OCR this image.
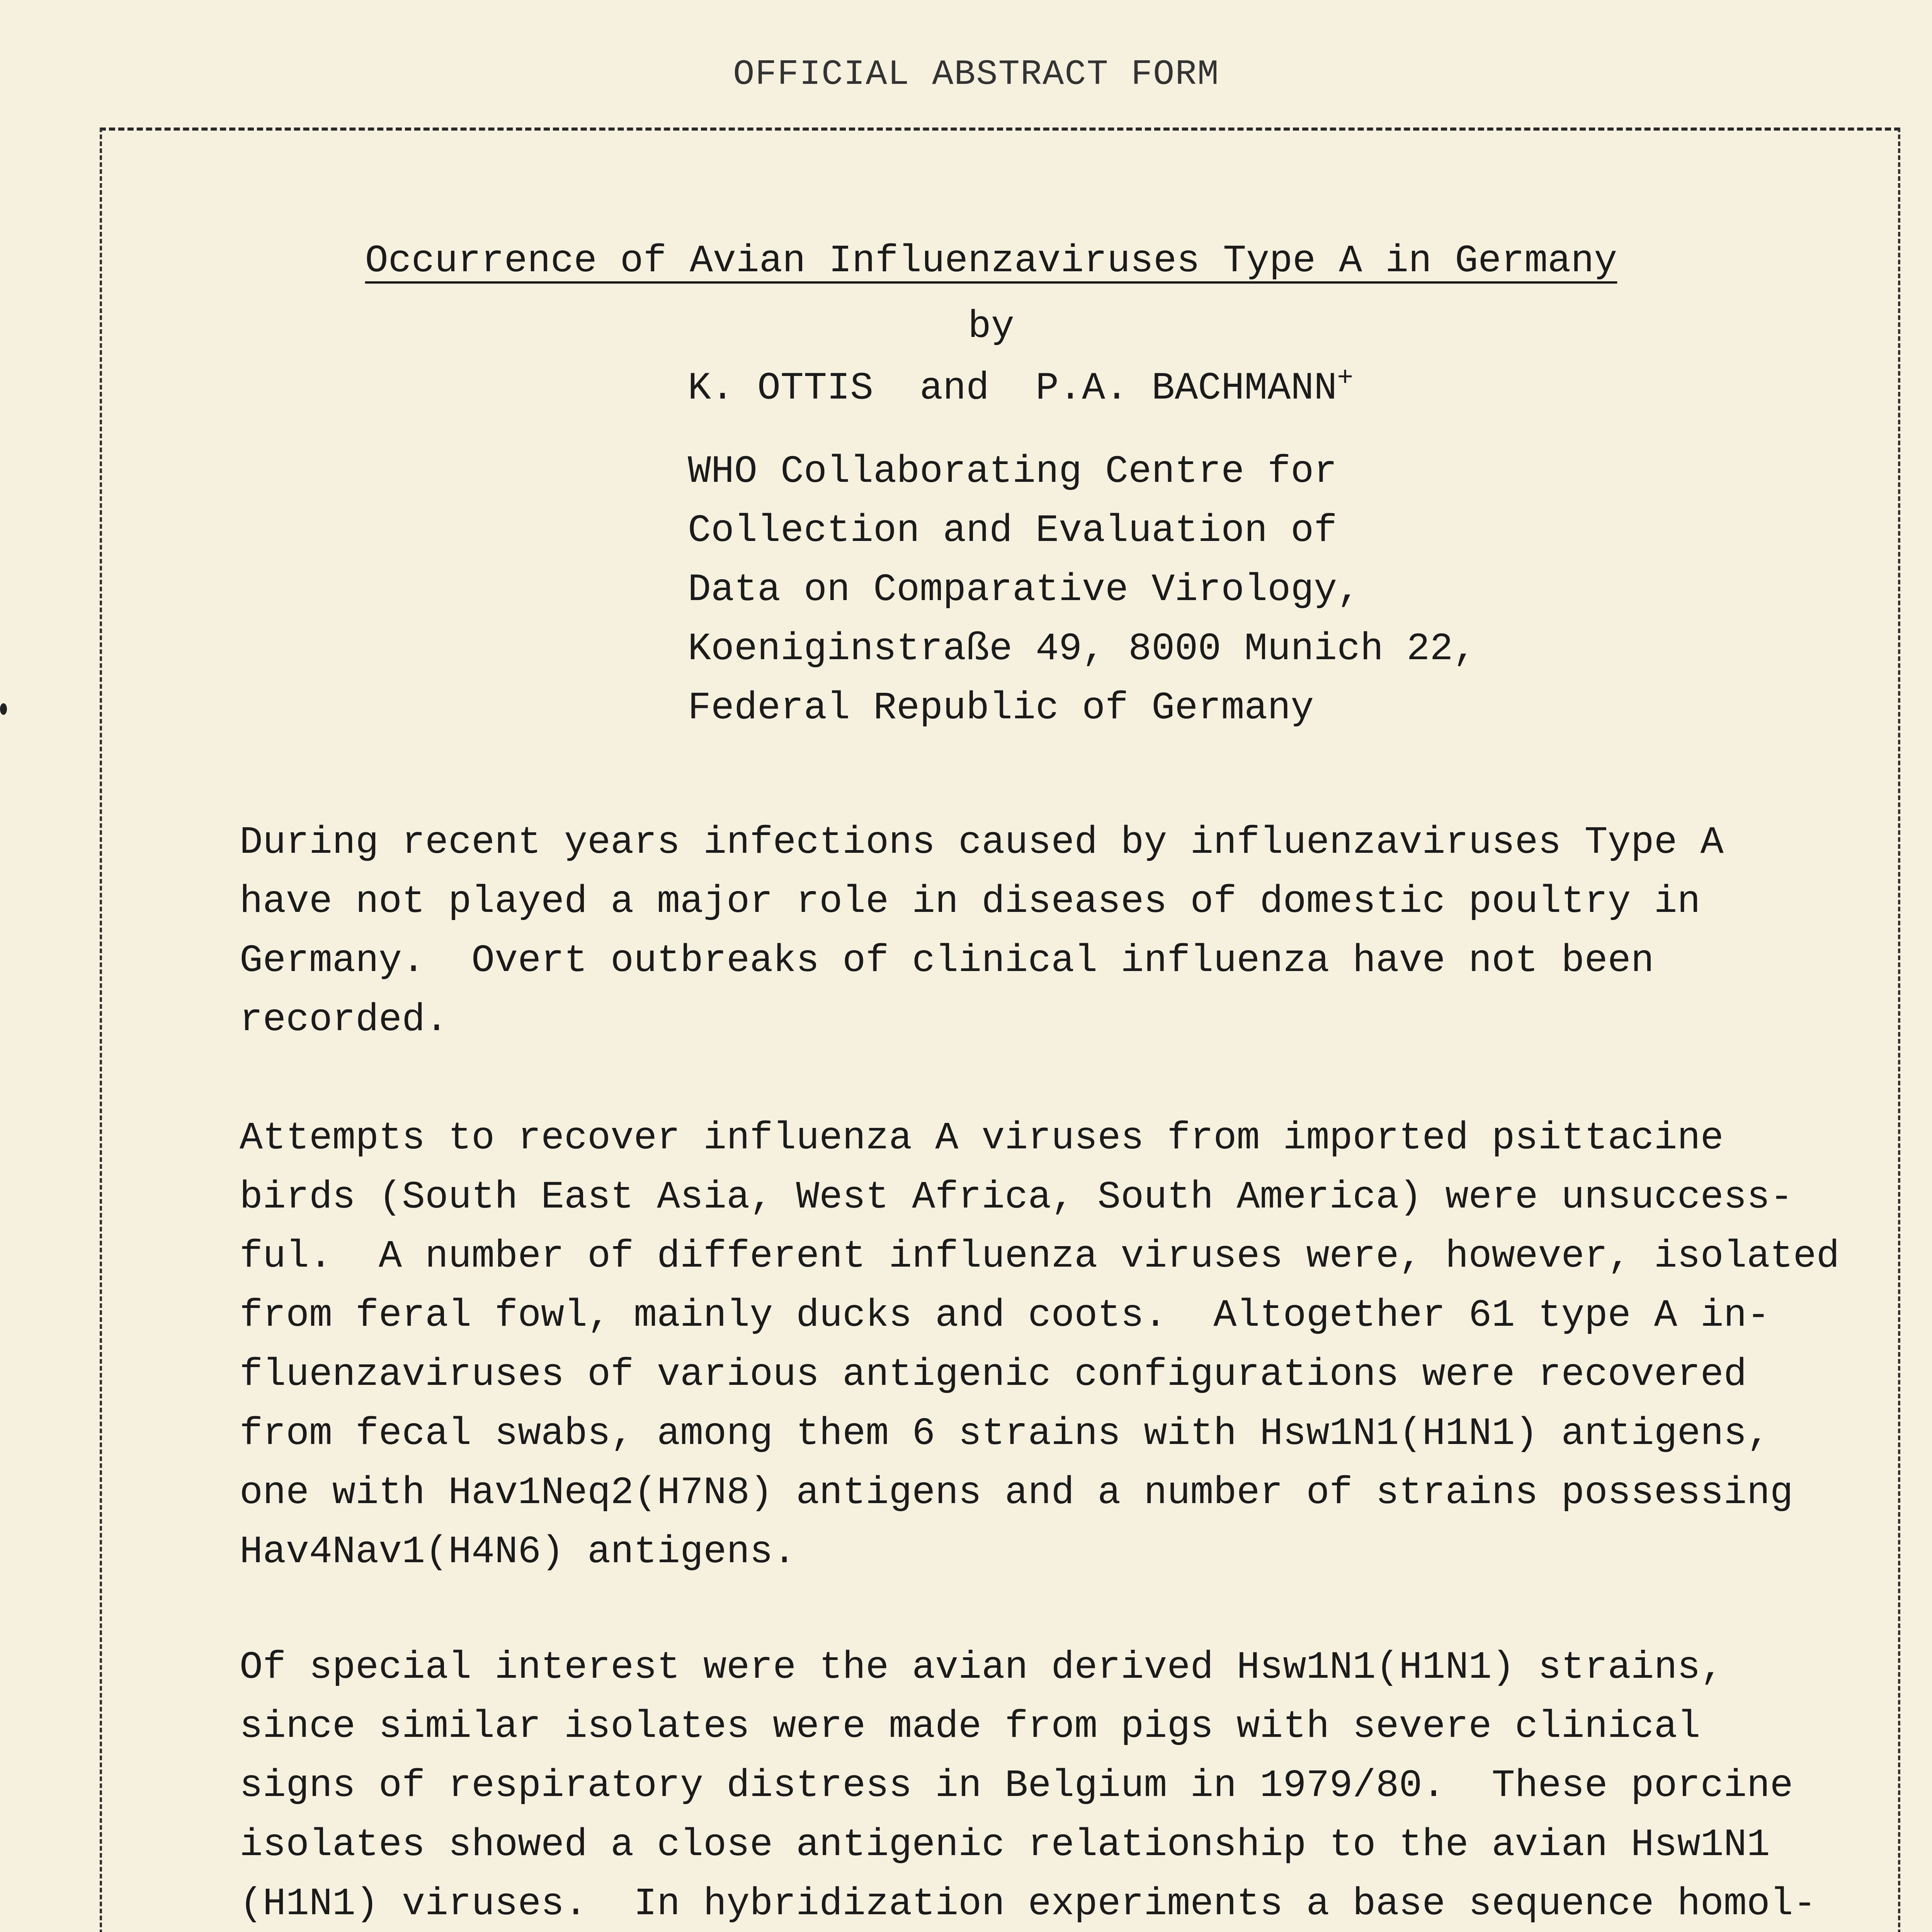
OFFICIAL ABSTRACT FORM
Occurrence of Avian Influenzaviruses Type A in Germany
by
K. OTTIS  and  P.A. BACHMANN+
WHO Collaborating Centre for
Collection and Evaluation of
Data on Comparative Virology,
Koeniginstraße 49, 8000 Munich 22,
Federal Republic of Germany
During recent years infections caused by influenzaviruses Type A
have not played a major role in diseases of domestic poultry in
Germany.  Overt outbreaks of clinical influenza have not been
recorded.
Attempts to recover influenza A viruses from imported psittacine
birds (South East Asia, West Africa, South America) were unsuccess-
ful.  A number of different influenza viruses were, however, isolated
from feral fowl, mainly ducks and coots.  Altogether 61 type A in-
fluenzaviruses of various antigenic configurations were recovered
from fecal swabs, among them 6 strains with Hsw1N1(H1N1) antigens,
one with Hav1Neq2(H7N8) antigens and a number of strains possessing
Hav4Nav1(H4N6) antigens.
Of special interest were the avian derived Hsw1N1(H1N1) strains,
since similar isolates were made from pigs with severe clinical
signs of respiratory distress in Belgium in 1979/80.  These porcine
isolates showed a close antigenic relationship to the avian Hsw1N1
(H1N1) viruses.  In hybridization experiments a base sequence homol-
